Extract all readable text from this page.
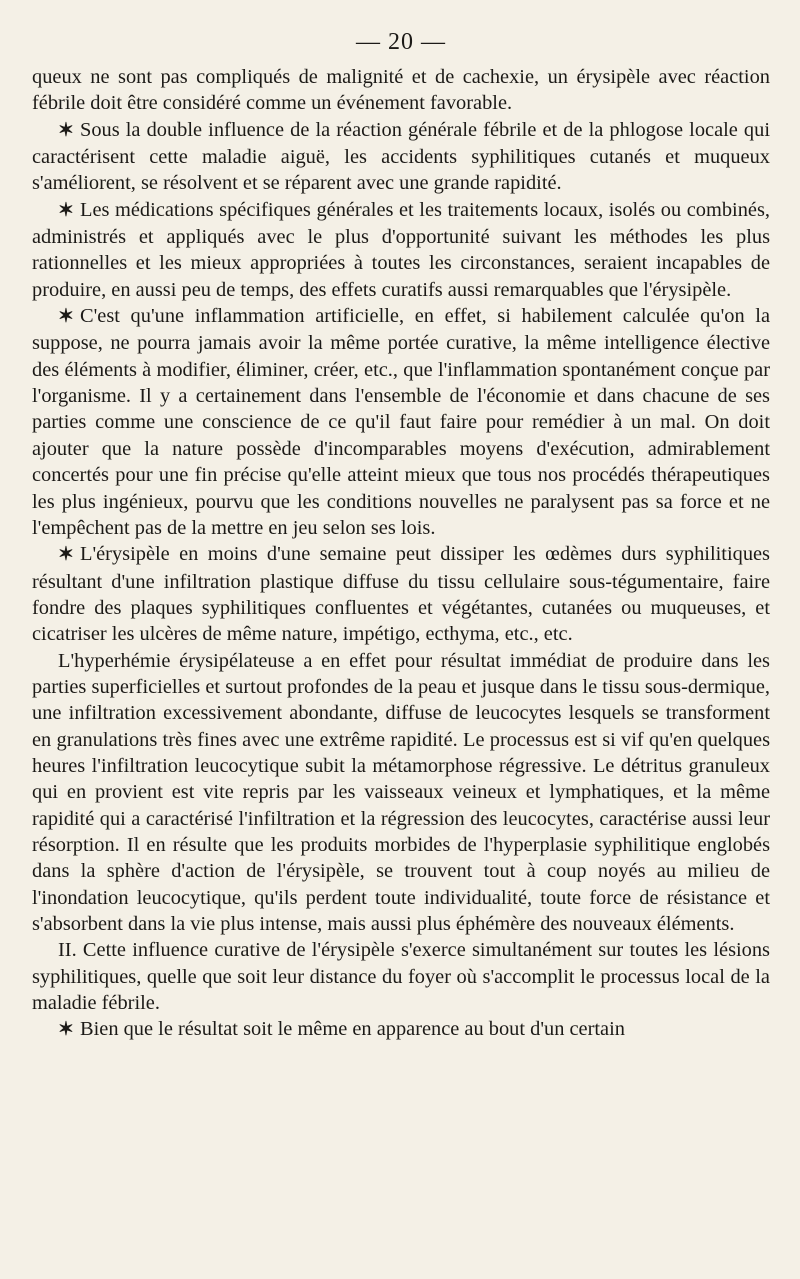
— 20 —

queux ne sont pas compliqués de malignité et de cachexie, un érysipèle avec réaction fébrile doit être considéré comme un événement favorable.

✶ Sous la double influence de la réaction générale fébrile et de la phlogose locale qui caractérisent cette maladie aiguë, les accidents syphilitiques cutanés et muqueux s'améliorent, se résolvent et se réparent avec une grande rapidité.

✶ Les médications spécifiques générales et les traitements locaux, isolés ou combinés, administrés et appliqués avec le plus d'opportunité suivant les méthodes les plus rationnelles et les mieux appropriées à toutes les circonstances, seraient incapables de produire, en aussi peu de temps, des effets curatifs aussi remarquables que l'érysipèle.

✶ C'est qu'une inflammation artificielle, en effet, si habilement calculée qu'on la suppose, ne pourra jamais avoir la même portée curative, la même intelligence élective des éléments à modifier, éliminer, créer, etc., que l'inflammation spontanément conçue par l'organisme. Il y a certainement dans l'ensemble de l'économie et dans chacune de ses parties comme une conscience de ce qu'il faut faire pour remédier à un mal. On doit ajouter que la nature possède d'incomparables moyens d'exécution, admirablement concertés pour une fin précise qu'elle atteint mieux que tous nos procédés thérapeutiques les plus ingénieux, pourvu que les conditions nouvelles ne paralysent pas sa force et ne l'empêchent pas de la mettre en jeu selon ses lois.

✶ L'érysipèle en moins d'une semaine peut dissiper les œdèmes durs syphilitiques résultant d'une infiltration plastique diffuse du tissu cellulaire sous-tégumentaire, faire fondre des plaques syphilitiques confluentes et végétantes, cutanées ou muqueuses, et cicatriser les ulcères de même nature, impétigo, ecthyma, etc., etc.

L'hyperhémie érysipélateuse a en effet pour résultat immédiat de produire dans les parties superficielles et surtout profondes de la peau et jusque dans le tissu sous-dermique, une infiltration excessivement abondante, diffuse de leucocytes lesquels se transforment en granulations très fines avec une extrême rapidité. Le processus est si vif qu'en quelques heures l'infiltration leucocytique subit la métamorphose régressive. Le détritus granuleux qui en provient est vite repris par les vaisseaux veineux et lymphatiques, et la même rapidité qui a caractérisé l'infiltration et la régression des leucocytes, caractérise aussi leur résorption. Il en résulte que les produits morbides de l'hyperplasie syphilitique englobés dans la sphère d'action de l'érysipèle, se trouvent tout à coup noyés au milieu de l'inondation leucocytique, qu'ils perdent toute individualité, toute force de résistance et s'absorbent dans la vie plus intense, mais aussi plus éphémère des nouveaux éléments.

II. Cette influence curative de l'érysipèle s'exerce simultanément sur toutes les lésions syphilitiques, quelle que soit leur distance du foyer où s'accomplit le processus local de la maladie fébrile.

✶ Bien que le résultat soit le même en apparence au bout d'un certain
